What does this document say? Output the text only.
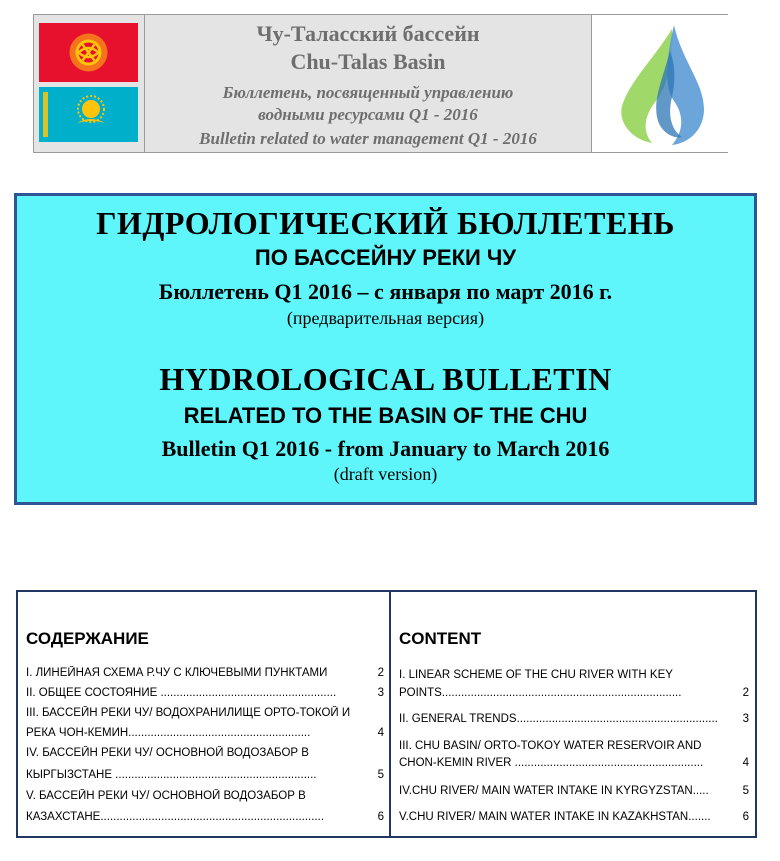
Чу-Таласский бассейн
Chu-Talas Basin
Бюллетень, посвященный управлению
водными ресурсами Q1 - 2016
Bulletin related to water management Q1 - 2016
ГИДРОЛОГИЧЕСКИЙ БЮЛЛЕТЕНЬ
ПО БАССЕЙНУ РЕКИ ЧУ
Бюллетень Q1 2016 – с января по март 2016 г.
(предварительная версия)
HYDROLOGICAL BULLETIN
RELATED TO THE BASIN OF THE CHU
Bulletin Q1 2016 - from January to March 2016
(draft version)
СОДЕРЖАНИЕ
I. ЛИНЕЙНАЯ СХЕМА Р.ЧУ С КЛЮЧЕВЫМИ ПУНКТАМИ	2
II. ОБЩЕЕ СОСТОЯНИЕ .......................................................	3
III. БАССЕЙН РЕКИ ЧУ/ ВОДОХРАНИЛИЩЕ ОРТО-ТОКОЙ И
РЕКА ЧОН-КЕМИН.........................................................	4
IV. БАССЕЙН РЕКИ ЧУ/ ОСНОВНОЙ ВОДОЗАБОР В
КЫРГЫЗСТАНЕ ...............................................................	5
V. БАССЕЙН РЕКИ ЧУ/ ОСНОВНОЙ ВОДОЗАБОР В
КАЗАХСТАНЕ......................................................................	6
CONTENT
I. LINEAR SCHEME OF THE CHU RIVER WITH KEY
POINTS...........................................................................	2
II. GENERAL TRENDS............................................................... 3
III. CHU BASIN/ ORTO-TOKOY WATER RESERVOIR AND
CHON-KEMIN RIVER ...........................................................	4
IV.CHU RIVER/ MAIN WATER INTAKE IN KYRGYZSTAN.....	5
V.CHU RIVER/ MAIN WATER INTAKE IN KAZAKHSTAN.......	6
